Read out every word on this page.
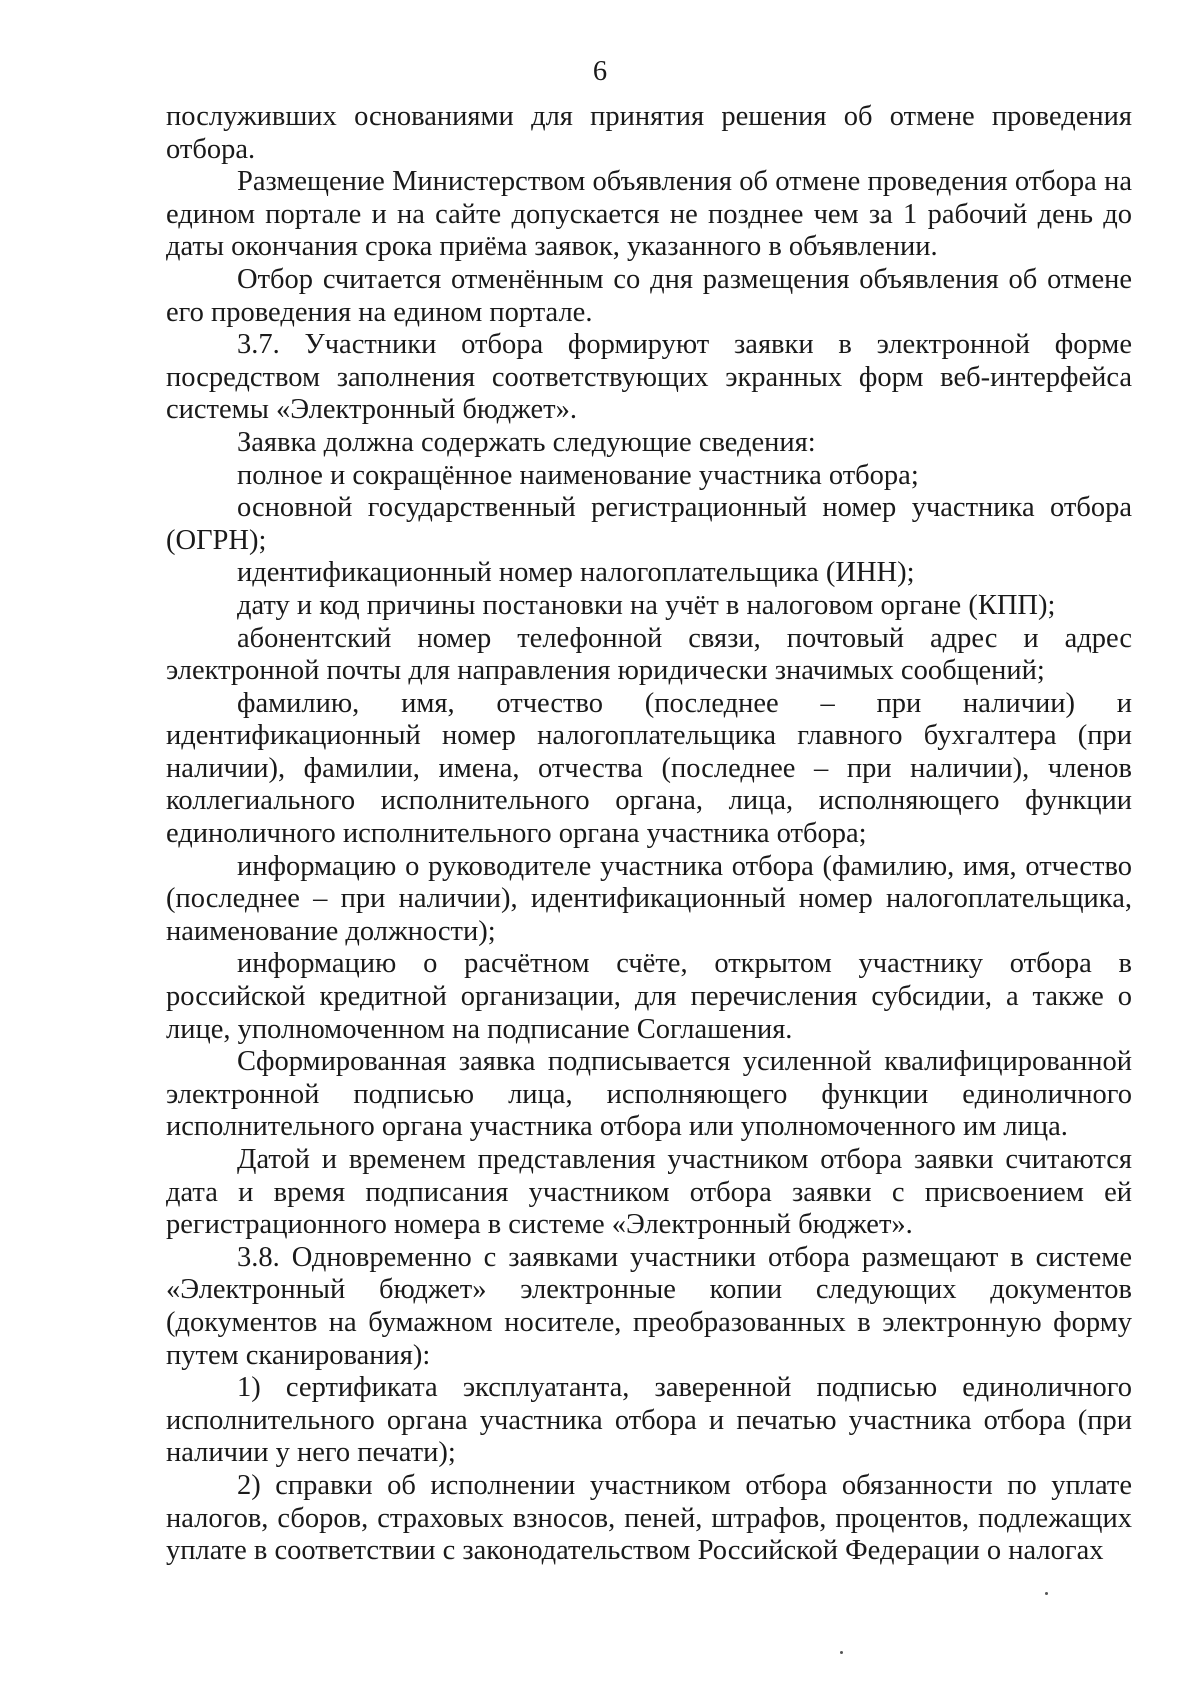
6

послуживших основаниями для принятия решения об отмене проведения отбора.

Размещение Министерством объявления об отмене проведения отбора на едином портале и на сайте допускается не позднее чем за 1 рабочий день до даты окончания срока приёма заявок, указанного в объявлении.

Отбор считается отменённым со дня размещения объявления об отмене его проведения на едином портале.

3.7. Участники отбора формируют заявки в электронной форме посредством заполнения соответствующих экранных форм веб-интерфейса системы «Электронный бюджет».

Заявка должна содержать следующие сведения:

полное и сокращённое наименование участника отбора;

основной государственный регистрационный номер участника отбора (ОГРН);

идентификационный номер налогоплательщика (ИНН);

дату и код причины постановки на учёт в налоговом органе (КПП);

абонентский номер телефонной связи, почтовый адрес и адрес электронной почты для направления юридически значимых сообщений;

фамилию, имя, отчество (последнее – при наличии) и идентификационный номер налогоплательщика главного бухгалтера (при наличии), фамилии, имена, отчества (последнее – при наличии), членов коллегиального исполнительного органа, лица, исполняющего функции единоличного исполнительного органа участника отбора;

информацию о руководителе участника отбора (фамилию, имя, отчество (последнее – при наличии), идентификационный номер налогоплательщика, наименование должности);

информацию о расчётном счёте, открытом участнику отбора в российской кредитной организации, для перечисления субсидии, а также о лице, уполномоченном на подписание Соглашения.

Сформированная заявка подписывается усиленной квалифицированной электронной подписью лица, исполняющего функции единоличного исполнительного органа участника отбора или уполномоченного им лица.

Датой и временем представления участником отбора заявки считаются дата и время подписания участником отбора заявки с присвоением ей регистрационного номера в системе «Электронный бюджет».

3.8. Одновременно с заявками участники отбора размещают в системе «Электронный бюджет» электронные копии следующих документов (документов на бумажном носителе, преобразованных в электронную форму путем сканирования):

1) сертификата эксплуатанта, заверенной подписью единоличного исполнительного органа участника отбора и печатью участника отбора (при наличии у него печати);

2) справки об исполнении участником отбора обязанности по уплате налогов, сборов, страховых взносов, пеней, штрафов, процентов, подлежащих уплате в соответствии с законодательством Российской Федерации о налогах
